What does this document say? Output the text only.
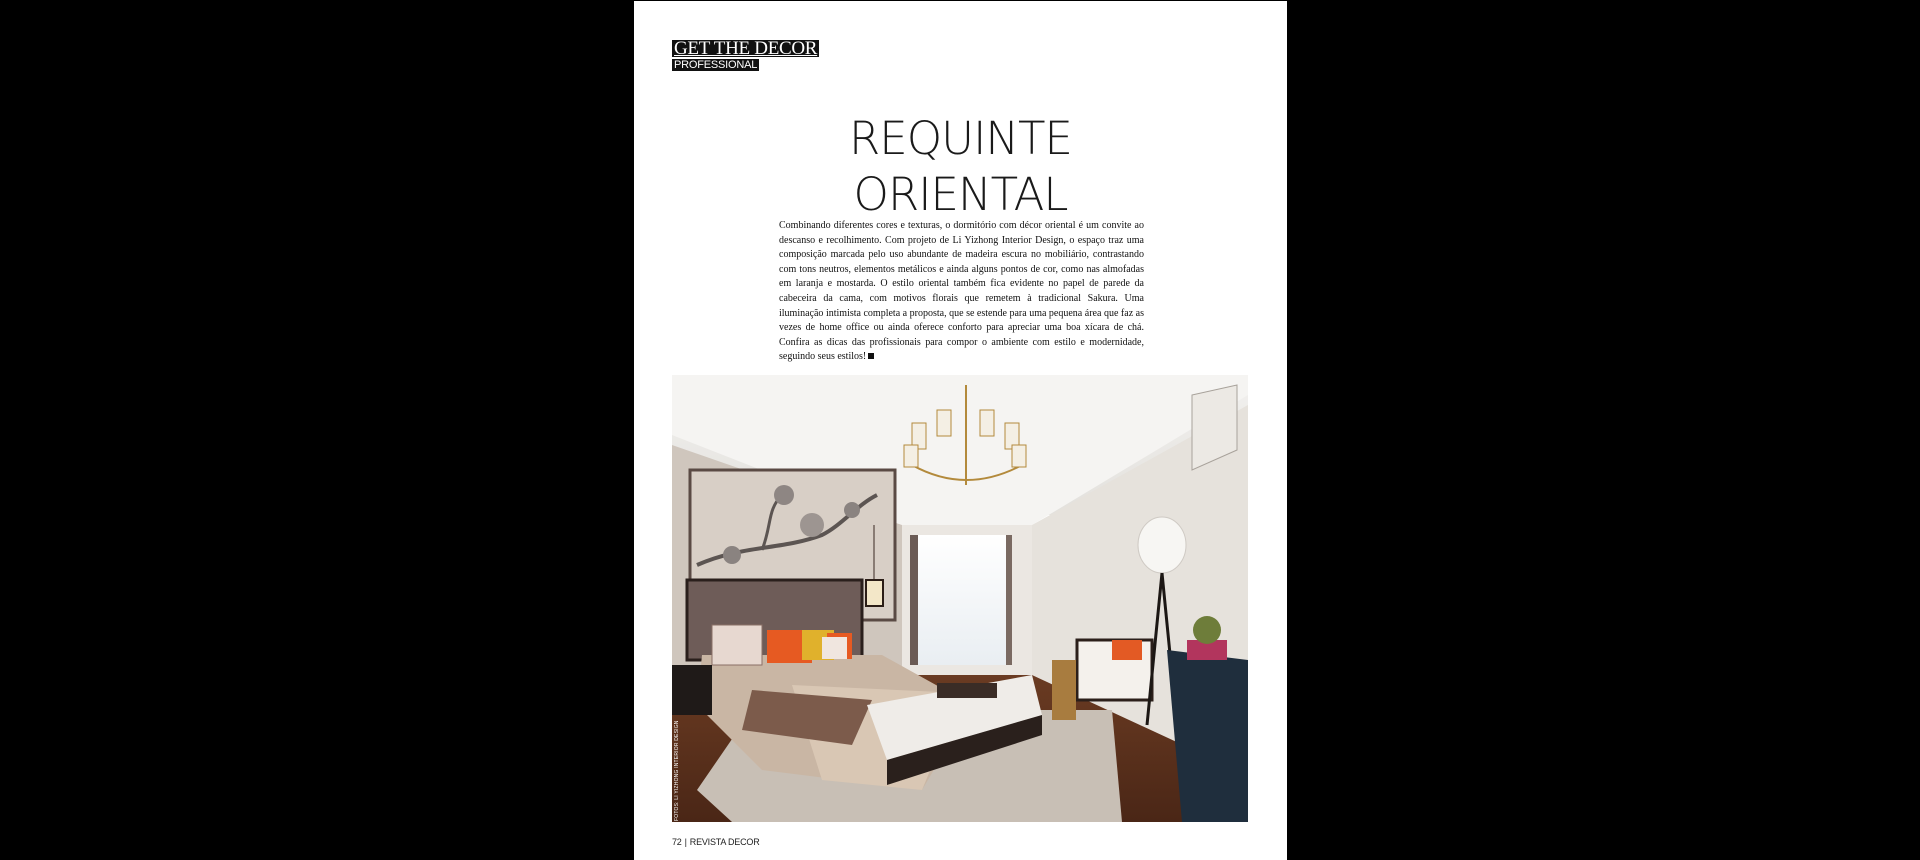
GET THE DECOR
PROFESSIONAL
REQUINTE
ORIENTAL

Combinando diferentes cores e texturas, o dormitório com décor oriental é um convite ao descanso e recolhimento. Com projeto de Li Yizhong Interior Design, o espaço traz uma composição marcada pelo uso abundante de madeira escura no mobiliário, contrastando com tons neutros, elementos metálicos e ainda alguns pontos de cor, como nas almofadas em laranja e mostarda. O estilo oriental também fica evidente no papel de parede da cabeceira da cama, com motivos florais que remetem à tradicional Sakura. Uma iluminação intimista completa a proposta, que se estende para uma pequena área que faz as vezes de home office ou ainda oferece conforto para apreciar uma boa xícara de chá. Confira as dicas das profissionais para compor o ambiente com estilo e modernidade, seguindo seus estilos!

FOTOS: LI YIZHONG INTERIOR DESIGN
72 | REVISTA DECOR
